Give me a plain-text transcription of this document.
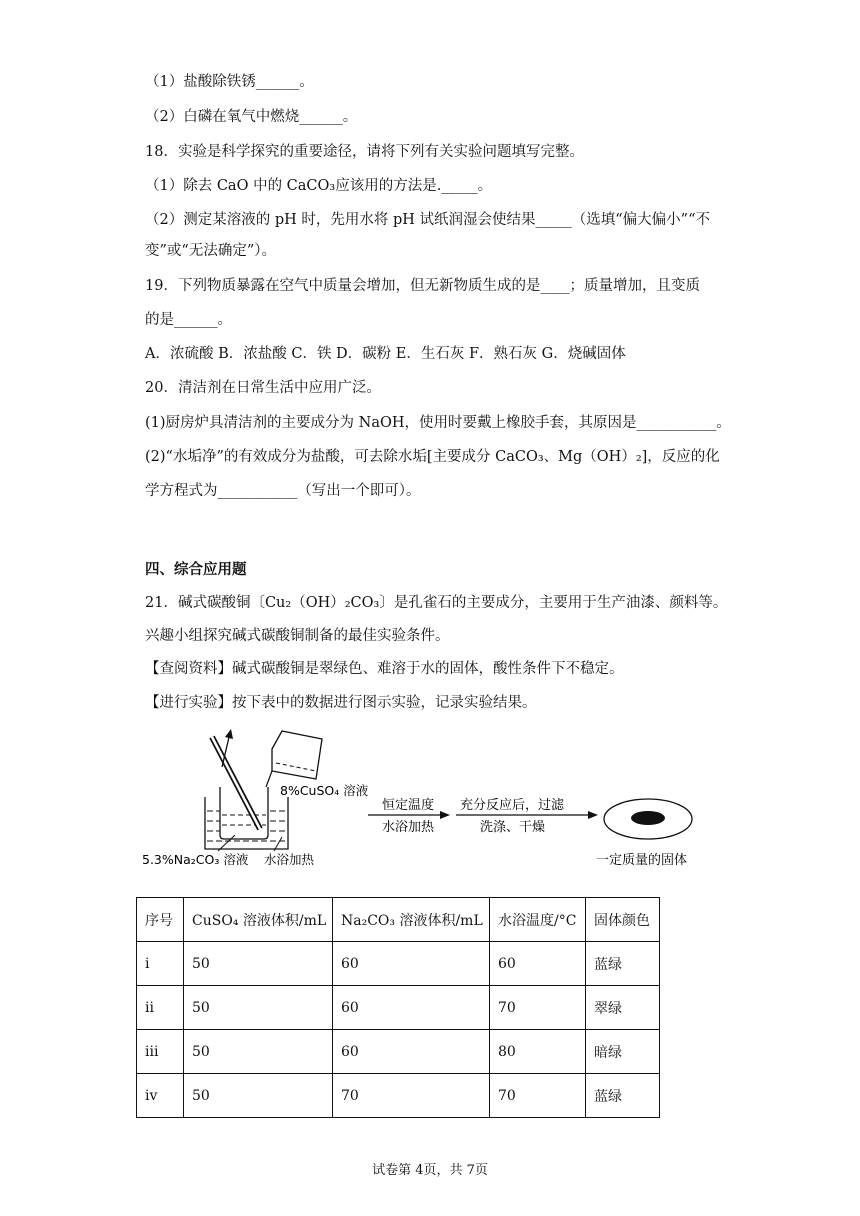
（1）盐酸除铁锈______。
（2）白磷在氧气中燃烧______。
18．实验是科学探究的重要途径，请将下列有关实验问题填写完整。
（1）除去 CaO 中的 CaCO₃应该用的方法是._____。
（2）测定某溶液的 pH 时，先用水将 pH 试纸润湿会使结果_____（选填“偏大偏小”“不
变”或“无法确定”）。
19．下列物质暴露在空气中质量会增加，但无新物质生成的是____；质量增加，且变质
的是______。
A．浓硫酸 B．浓盐酸 C．铁 D．碳粉 E．生石灰 F．熟石灰 G．烧碱固体
20．清洁剂在日常生活中应用广泛。
(1)厨房炉具清洁剂的主要成分为 NaOH，使用时要戴上橡胶手套，其原因是___________。
(2)“水垢净”的有效成分为盐酸，可去除水垢[主要成分 CaCO₃、Mg（OH）₂]，反应的化
学方程式为___________（写出一个即可）。
四、综合应用题
21．碱式碳酸铜〔Cu₂（OH）₂CO₃〕是孔雀石的主要成分，主要用于生产油漆、颜料等。
兴趣小组探究碱式碳酸铜制备的最佳实验条件。
【查阅资料】碱式碳酸铜是翠绿色、难溶于水的固体，酸性条件下不稳定。
【进行实验】按下表中的数据进行图示实验，记录实验结果。
8%CuSO₄ 溶液
5.3%Na₂CO₃ 溶液 水浴加热
恒定温度
水浴加热
充分反应后，过滤
洗涤、干燥
一定质量的固体
序号	CuSO₄ 溶液体积/mL	Na₂CO₃ 溶液体积/mL	水浴温度/°C	固体颜色
i	50	60	60	蓝绿
ii	50	60	70	翠绿
iii	50	60	80	暗绿
iv	50	70	70	蓝绿
试卷第 4页，共 7页
